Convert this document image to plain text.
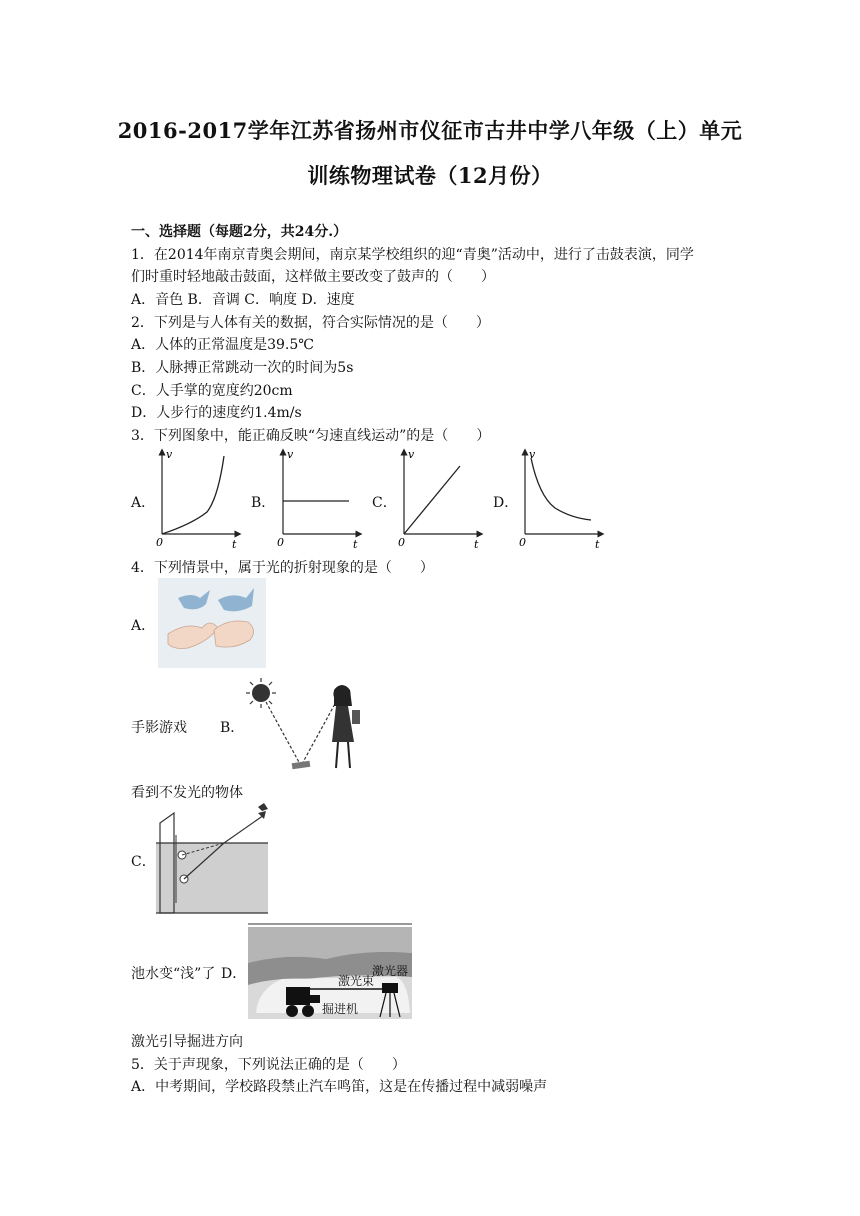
2016-2017学年江苏省扬州市仪征市古井中学八年级（上）单元
训练物理试卷（12月份）
一、选择题（每题2分，共24分.）
1．在2014年南京青奥会期间，南京某学校组织的迎“青奥”活动中，进行了击鼓表演，同学
们时重时轻地敲击鼓面，这样做主要改变了鼓声的（　　）
A．音色 B．音调 C．响度 D．速度
2．下列是与人体有关的数据，符合实际情况的是（　　）
A．人体的正常温度是39.5℃
B．人脉搏正常跳动一次的时间为5s
C．人手掌的宽度约20cm
D．人步行的速度约1.4m/s
3．下列图象中，能正确反映“匀速直线运动”的是（　　）
A．	B．	C．	D．
v
0	t
v
0	t
v
0	t
v
0	t
4．下列情景中，属于光的折射现象的是（　　）
A．
手影游戏 B．
看到不发光的物体
C．
池水变“浅”了 D．	激光束
激光器
掘进机
激光引导掘进方向
5．关于声现象，下列说法正确的是（　　）
A．中考期间，学校路段禁止汽车鸣笛，这是在传播过程中减弱噪声
